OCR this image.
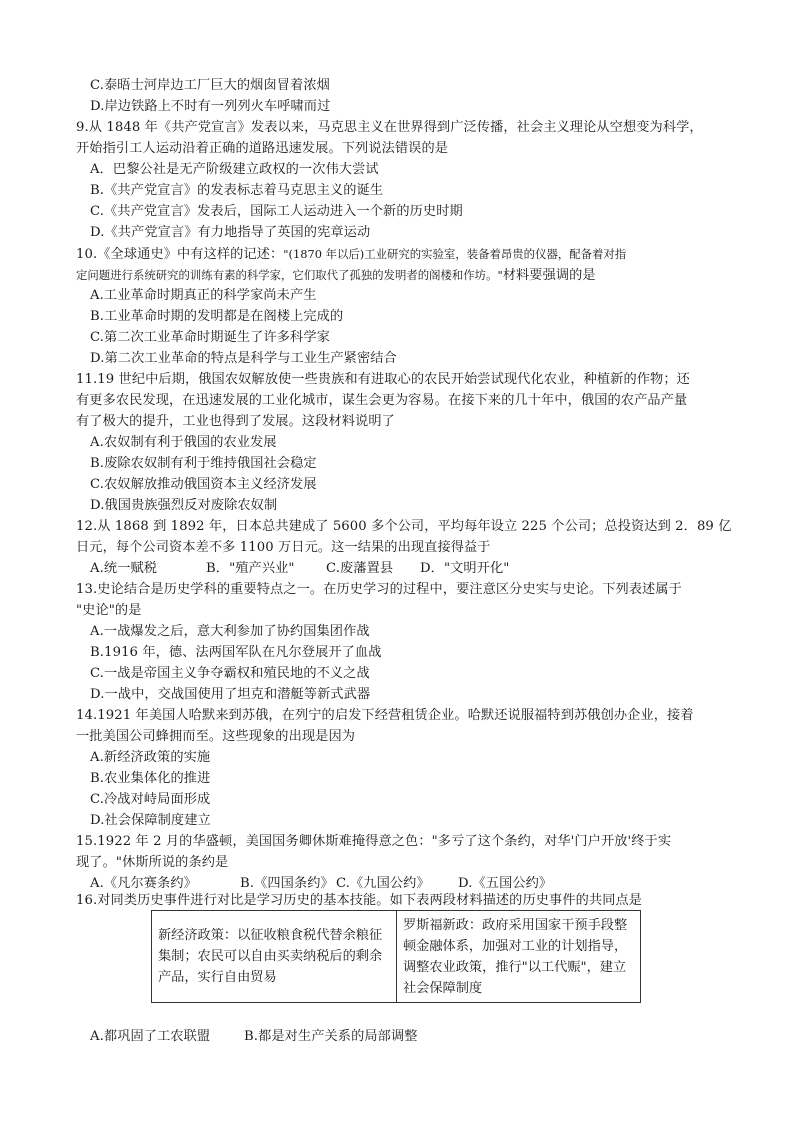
C.泰晤士河岸边工厂巨大的烟囱冒着浓烟
D.岸边铁路上不时有一列列火车呼啸而过
9.从 1848 年《共产党宣言》发表以来，马克思主义在世界得到广泛传播，社会主义理论从空想变为科学，
开始指引工人运动沿着正确的道路迅速发展。下列说法错误的是
A．巴黎公社是无产阶级建立政权的一次伟大尝试
B.《共产党宣言》的发表标志着马克思主义的诞生
C.《共产党宣言》发表后，国际工人运动进入一个新的历史时期
D.《共产党宣言》有力地指导了英国的宪章运动
10.《全球通史》中有这样的记述："(1870 年以后)工业研究的实验室，装备着昂贵的仪器，配备着对指
定问题进行系统研究的训练有素的科学家，它们取代了孤独的发明者的阁楼和作坊。"材料要强调的是
A.工业革命时期真正的科学家尚未产生
B.工业革命时期的发明都是在阁楼上完成的
C.第二次工业革命时期诞生了许多科学家
D.第二次工业革命的特点是科学与工业生产紧密结合
11.19 世纪中后期，俄国农奴解放使一些贵族和有进取心的农民开始尝试现代化农业，种植新的作物；还
有更多农民发现，在迅速发展的工业化城市，谋生会更为容易。在接下来的几十年中，俄国的农产品产量
有了极大的提升，工业也得到了发展。这段材料说明了
A.农奴制有利于俄国的农业发展
B.废除农奴制有利于维持俄国社会稳定
C.农奴解放推动俄国资本主义经济发展
D.俄国贵族强烈反对废除农奴制
12.从 1868 到 1892 年，日本总共建成了 5600 多个公司，平均每年设立 225 个公司；总投资达到 2．89 亿
日元，每个公司资本差不多 1100 万日元。这一结果的出现直接得益于
A.统一赋税	B．"殖产兴业" C.废藩置县 D．"文明开化"
13.史论结合是历史学科的重要特点之一。在历史学习的过程中，要注意区分史实与史论。下列表述属于
"史论"的是
A.一战爆发之后，意大利参加了协约国集团作战
B.1916 年，德、法两国军队在凡尔登展开了血战
C.一战是帝国主义争夺霸权和殖民地的不义之战
D.一战中，交战国使用了坦克和潜艇等新式武器
14.1921 年美国人哈默来到苏俄，在列宁的启发下经营租赁企业。哈默还说服福特到苏俄创办企业，接着
一批美国公司蜂拥而至。这些现象的出现是因为
A.新经济政策的实施
B.农业集体化的推进
C.冷战对峙局面形成
D.社会保障制度建立
15.1922 年 2 月的华盛顿，美国国务卿休斯难掩得意之色："多亏了这个条约，对华'门户开放'终于实
现了。"休斯所说的条约是
A.《凡尔赛条约》	B.《四国条约》 C.《九国公约》 D.《五国公约》
16.对同类历史事件进行对比是学习历史的基本技能。如下表两段材料描述的历史事件的共同点是
新经济政策：以征收粮食税代替余粮征集制；农民可以自由买卖纳税后的剩余产品，实行自由贸易	罗斯福新政：政府采用国家干预手段整顿金融体系，加强对工业的计划指导，调整农业政策，推行"以工代赈"，建立社会保障制度
A.都巩固了工农联盟	B.都是对生产关系的局部调整
